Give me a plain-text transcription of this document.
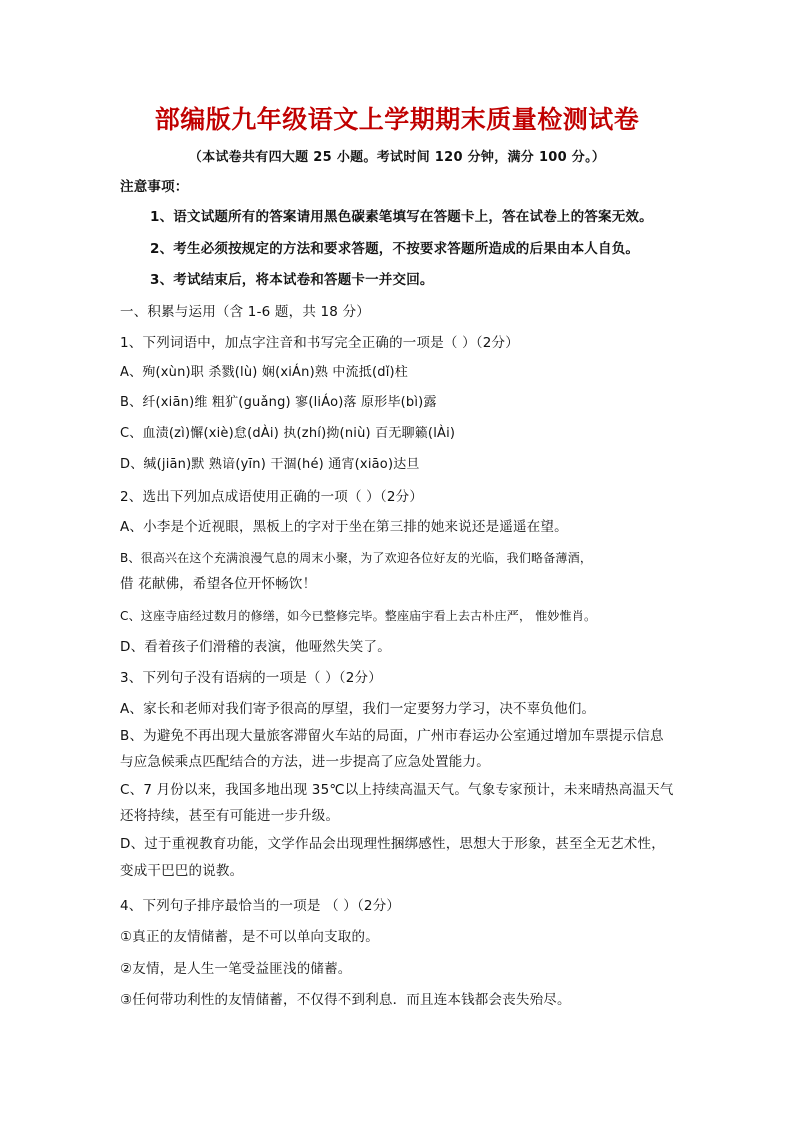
部编版九年级语文上学期期末质量检测试卷
（本试卷共有四大题 25 小题。考试时间 120 分钟，满分 100 分。）
注意事项：
1、语文试题所有的答案请用黑色碳素笔填写在答题卡上，答在试卷上的答案无效。
2、考生必须按规定的方法和要求答题，不按要求答题所造成的后果由本人自负。
3、考试结束后，将本试卷和答题卡一并交回。
一、积累与运用（含 1-6 题，共 18 分）
1、下列词语中，加点字注音和书写完全正确的一项是（ ）（2分）
A、殉(xùn)职 杀戮(lù) 娴(xiÁn)熟 中流抵(dǐ)柱
B、纤(xiān)维 粗犷(guǎng) 寥(liÁo)落 原形毕(bì)露
C、血渍(zì)懈(xiè)怠(dÀi) 执(zhí)拗(niù) 百无聊籁(lÀi)
D、缄(jiān)默 熟谙(yīn) 干涸(hé) 通宵(xiāo)达旦
2、选出下列加点成语使用正确的一项（ ）（2分）
A、小李是个近视眼，黑板上的字对于坐在第三排的她来说还是遥遥在望。
B、很高兴在这个充满浪漫气息的周末小聚，为了欢迎各位好友的光临，我们略备薄酒，
借 花献佛，希望各位开怀畅饮！
C、这座寺庙经过数月的修缮，如今已整修完毕。整座庙宇看上去古朴庄严， 惟妙惟肖。
D、看着孩子们滑稽的表演，他哑然失笑了。
3、下列句子没有语病的一项是（ ）（2分）
A、家长和老师对我们寄予很高的厚望，我们一定要努力学习，决不辜负他们。
B、为避免不再出现大量旅客滞留火车站的局面，广州市春运办公室通过增加车票提示信息
与应急候乘点匹配结合的方法，进一步提高了应急处置能力。
C、7 月份以来，我国多地出现 35℃以上持续高温天气。气象专家预计，未来晴热高温天气
还将持续，甚至有可能进一步升级。
D、过于重视教育功能，文学作品会出现理性捆绑感性，思想大于形象，甚至全无艺术性，
变成干巴巴的说教。
4、下列句子排序最恰当的一项是 （ ）（2分）
①真正的友情储蓄，是不可以单向支取的。
②友情，是人生一笔受益匪浅的储蓄。
③任何带功利性的友情储蓄，不仅得不到利息．而且连本钱都会丧失殆尽。
